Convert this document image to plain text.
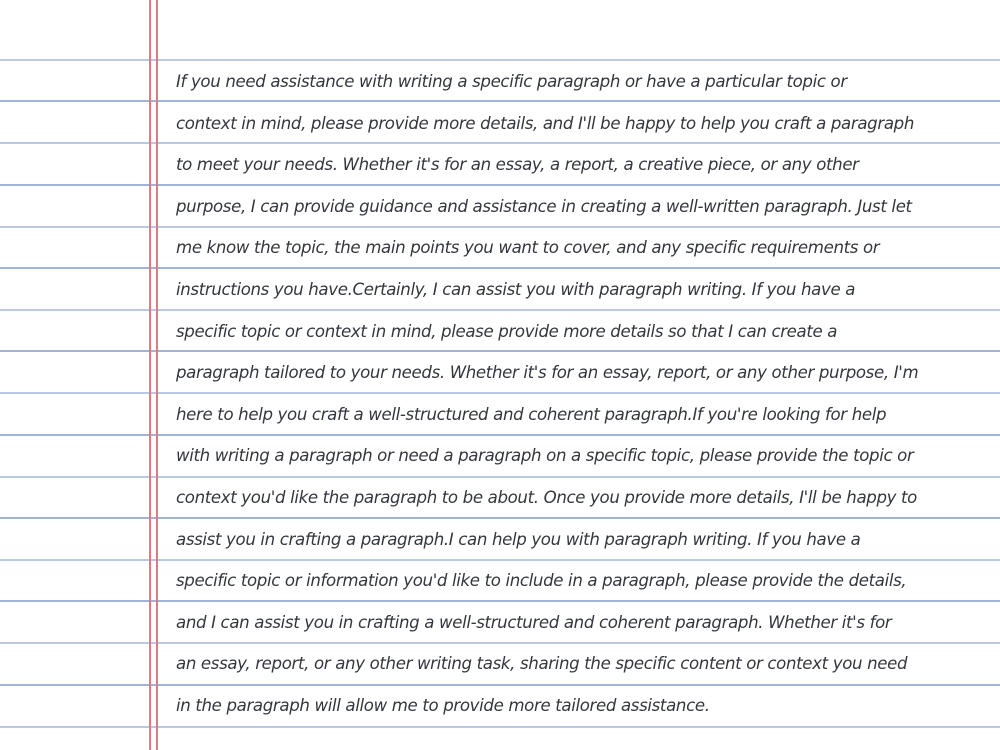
If you need assistance with writing a specific paragraph or have a particular topic or
context in mind, please provide more details, and I'll be happy to help you craft a paragraph
to meet your needs. Whether it's for an essay, a report, a creative piece, or any other
purpose, I can provide guidance and assistance in creating a well-written paragraph. Just let
me know the topic, the main points you want to cover, and any specific requirements or
instructions you have.Certainly, I can assist you with paragraph writing. If you have a
specific topic or context in mind, please provide more details so that I can create a
paragraph tailored to your needs. Whether it's for an essay, report, or any other purpose, I'm
here to help you craft a well-structured and coherent paragraph.If you're looking for help
with writing a paragraph or need a paragraph on a specific topic, please provide the topic or
context you'd like the paragraph to be about. Once you provide more details, I'll be happy to
assist you in crafting a paragraph.I can help you with paragraph writing. If you have a
specific topic or information you'd like to include in a paragraph, please provide the details,
and I can assist you in crafting a well-structured and coherent paragraph. Whether it's for
an essay, report, or any other writing task, sharing the specific content or context you need
in the paragraph will allow me to provide more tailored assistance.
